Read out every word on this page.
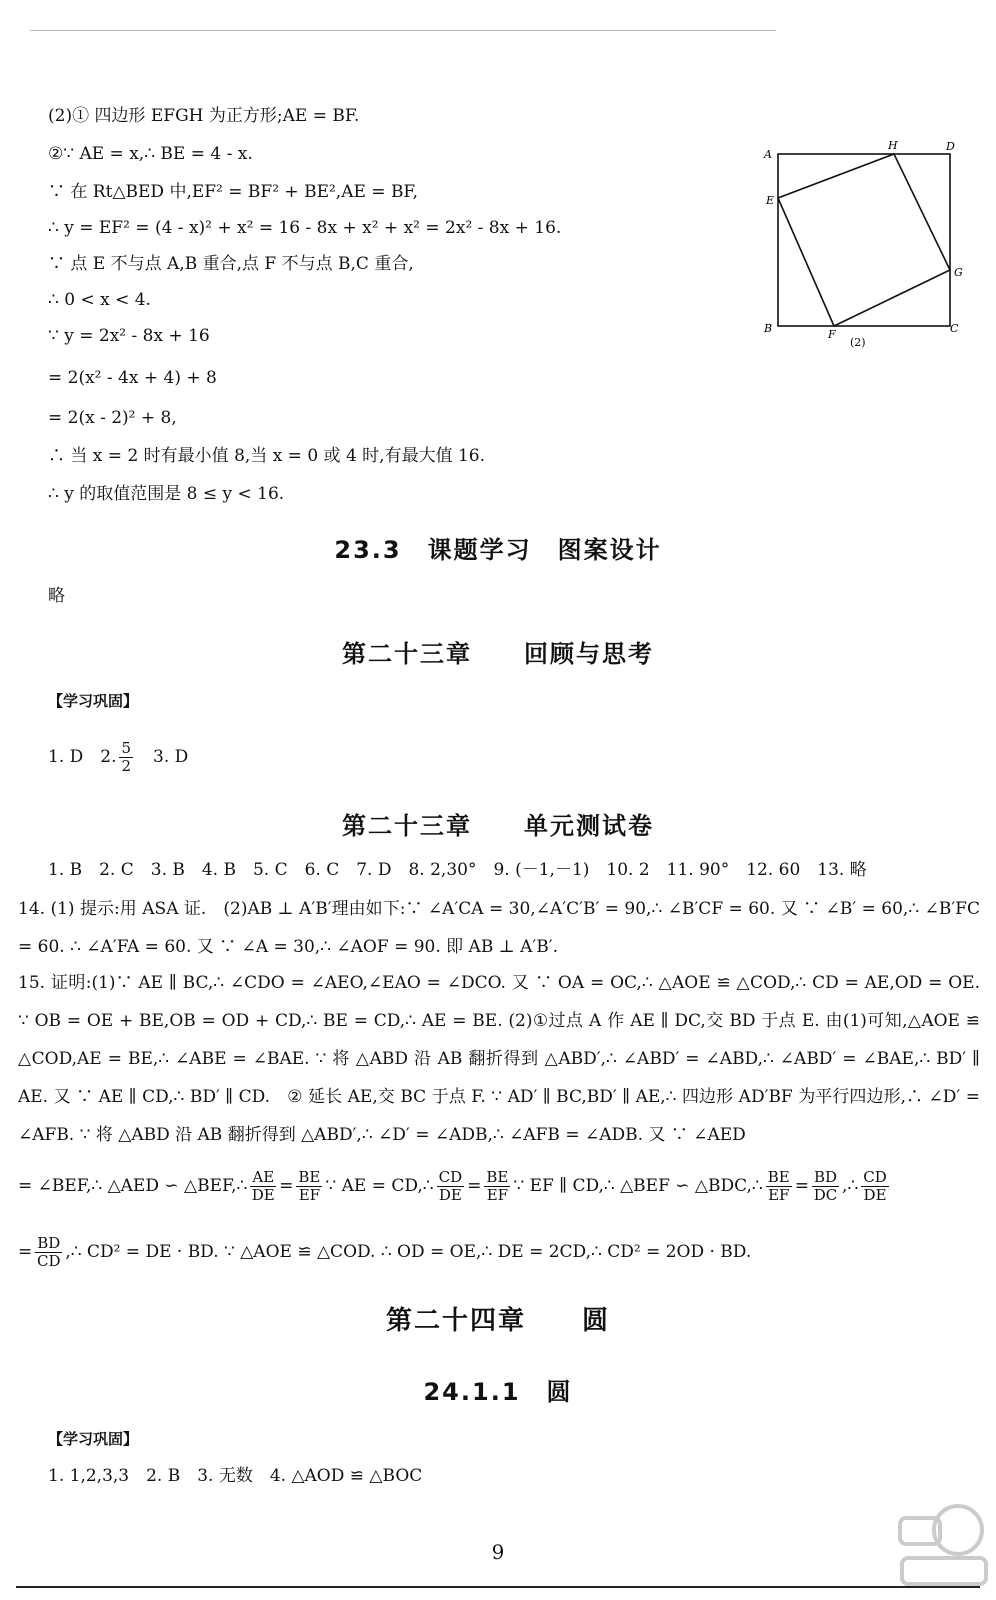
(2)① 四边形 EFGH 为正方形;AE = BF.
②∵ AE = x,∴ BE = 4 - x.
∵ 在 Rt△BED 中,EF² = BF² + BE²,AE = BF,
∴ y = EF² = (4 - x)² + x² = 16 - 8x + x² + x² = 2x² - 8x + 16.
∵ 点 E 不与点 A,B 重合,点 F 不与点 B,C 重合,
∴ 0 < x < 4.
∵ y = 2x² - 8x + 16
= 2(x² - 4x + 4) + 8
= 2(x - 2)² + 8,
∴ 当 x = 2 时有最小值 8,当 x = 0 或 4 时,有最大值 16.
∴ y 的取值范围是 8 ≤ y < 16.
A
D
H
E
G
B	F	C
(2)
23.3　课题学习　图案设计
略
第二十三章　　回顾与思考
【学习巩固】
1. D　2. $\frac{5}{2}$ 　3. D
第二十三章　　单元测试卷
1. B　2. C　3. B　4. B　5. C　6. C　7. D　8. 2,30°　9. (－1,－1)　10. 2　11. 90°　12. 60　13. 略
14. (1) 提示:用 ASA 证.　(2)AB ⊥ A′B′理由如下:∵ ∠A′CA = 30,∠A′C′B′ = 90,∴ ∠B′CF = 60. 又 ∵ ∠B′ = 60,∴ ∠B′FC = 60. ∴ ∠A′FA = 60. 又 ∵ ∠A = 30,∴ ∠AOF = 90. 即 AB ⊥ A′B′.
15. 证明:(1)∵ AE ∥ BC,∴ ∠CDO = ∠AEO,∠EAO = ∠DCO. 又 ∵ OA = OC,∴ △AOE ≌ △COD,∴ CD = AE,OD = OE. ∵ OB = OE + BE,OB = OD + CD,∴ BE = CD,∴ AE = BE. (2)①过点 A 作 AE ∥ DC,交 BD 于点 E. 由(1)可知,△AOE ≌ △COD,AE = BE,∴ ∠ABE = ∠BAE. ∵ 将 △ABD 沿 AB 翻折得到 △ABD′,∴ ∠ABD′ = ∠ABD,∴ ∠ABD′ = ∠BAE,∴ BD′ ∥ AE. 又 ∵ AE ∥ CD,∴ BD′ ∥ CD.　② 延长 AE,交 BC 于点 F. ∵ AD′ ∥ BC,BD′ ∥ AE,∴ 四边形 AD′BF 为平行四边形,∴ ∠D′ = ∠AFB. ∵ 将 △ABD 沿 AB 翻折得到 △ABD′,∴ ∠D′ = ∠ADB,∴ ∠AFB = ∠ADB. 又 ∵ ∠AED
= ∠BEF,∴ △AED ∽ △BEF,∴ $\frac{AE}{DE} = \frac{BE}{EF}$ ∵ AE = CD,∴ $\frac{CD}{DE} = \frac{BE}{EF}$ ∵ EF ∥ CD,∴ △BEF ∽ △BDC,∴ $\frac{BE}{EF} = \frac{BD}{DC}$ ,∴ $\frac{CD}{DE}$
= $\frac{BD}{CD}$ ,∴ CD² = DE · BD. ∵ △AOE ≌ △COD. ∴ OD = OE,∴ DE = 2CD,∴ CD² = 2OD · BD.
第二十四章　　圆
24.1.1　圆
【学习巩固】
1. 1,2,3,3　2. B　3. 无数　4. △AOD ≌ △BOC
9
